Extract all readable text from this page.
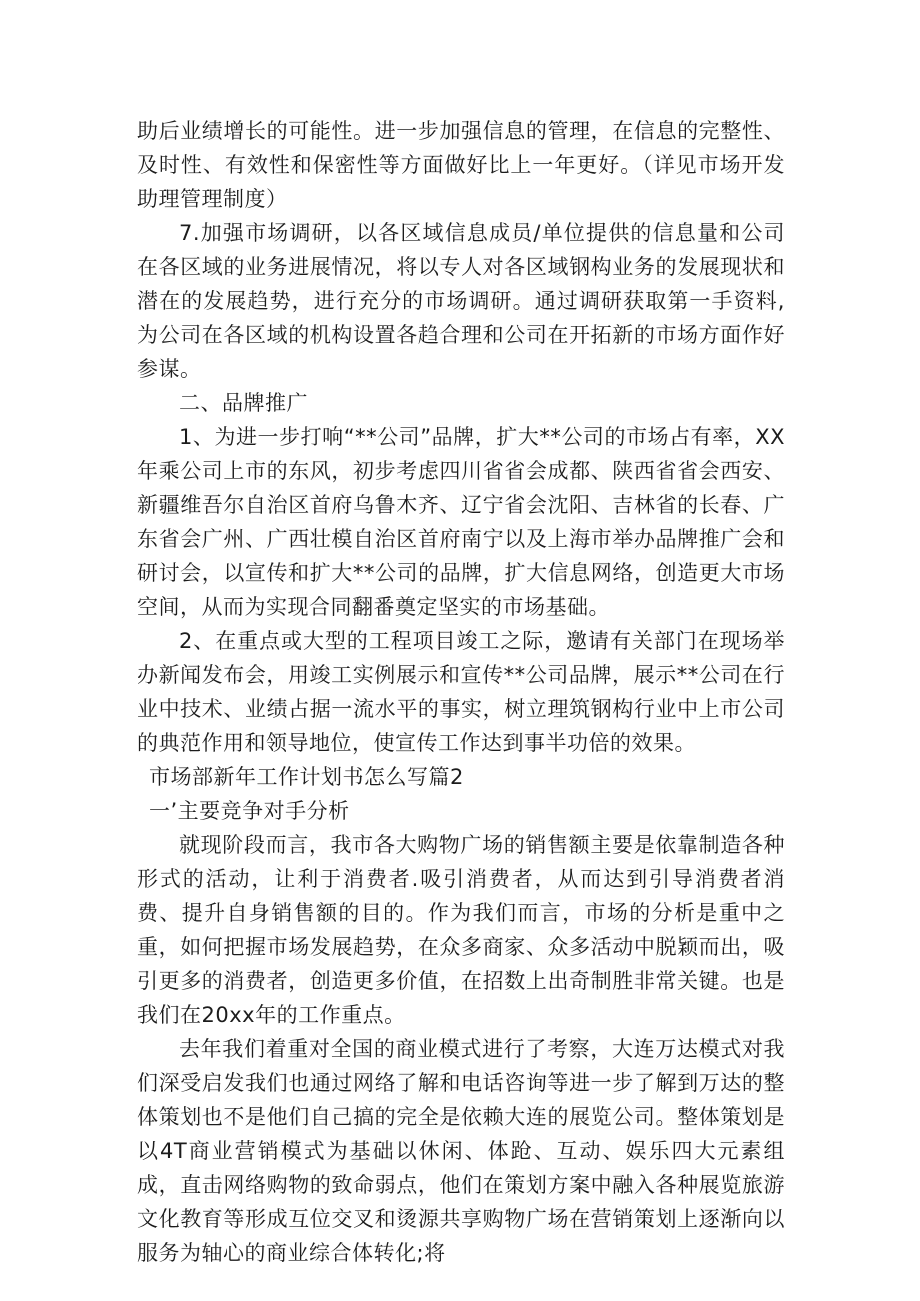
助后业绩增长的可能性。进一步加强信息的管理，在信息的完整性、及时性、有效性和保密性等方面做好比上一年更好。（详见市场开发助理管理制度）

7.加强市场调研，以各区域信息成员/单位提供的信息量和公司在各区域的业务进展情况，将以专人对各区域钢构业务的发展现状和潜在的发展趋势，进行充分的市场调研。通过调研获取第一手资料,为公司在各区域的机构设置各趋合理和公司在开拓新的市场方面作好参谋。

二、品牌推广

1、为进一步打响“**公司”品牌，扩大**公司的市场占有率，XX年乘公司上市的东风，初步考虑四川省省会成都、陕西省省会西安、新疆维吾尔自治区首府乌鲁木齐、辽宁省会沈阳、吉林省的长春、广东省会广州、广西壮模自治区首府南宁以及上海市举办品牌推广会和研讨会，以宣传和扩大**公司的品牌，扩大信息网络，创造更大市场空间，从而为实现合同翻番奠定坚实的市场基础。

2、在重点或大型的工程项目竣工之际，邀请有关部门在现场举办新闻发布会，用竣工实例展示和宣传**公司品牌，展示**公司在行业中技术、业绩占据一流水平的事实，树立理筑钢构行业中上市公司的典范作用和领导地位，使宣传工作达到事半功倍的效果。

市场部新年工作计划书怎么写篇2

一’主要竞争对手分析

就现阶段而言，我市各大购物广场的销售额主要是依靠制造各种形式的活动，让利于消费者.吸引消费者，从而达到引导消费者消费、提升自身销售额的目的。作为我们而言，市场的分析是重中之重，如何把握市场发展趋势，在众多商家、众多活动中脱颖而出，吸引更多的消费者，创造更多价值，在招数上出奇制胜非常关键。也是我们在20xx年的工作重点。

去年我们着重对全国的商业模式进行了考察，大连万达模式对我们深受启发我们也通过网络了解和电话咨询等进一步了解到万达的整体策划也不是他们自己搞的完全是依赖大连的展览公司。整体策划是以4T商业营销模式为基础以休闲、体跄、互动、娱乐四大元素组成，直击网络购物的致命弱点，他们在策划方案中融入各种展览旅游文化教育等形成互位交叉和烫源共享购物广场在营销策划上逐渐向以服务为轴心的商业综合体转化;将
